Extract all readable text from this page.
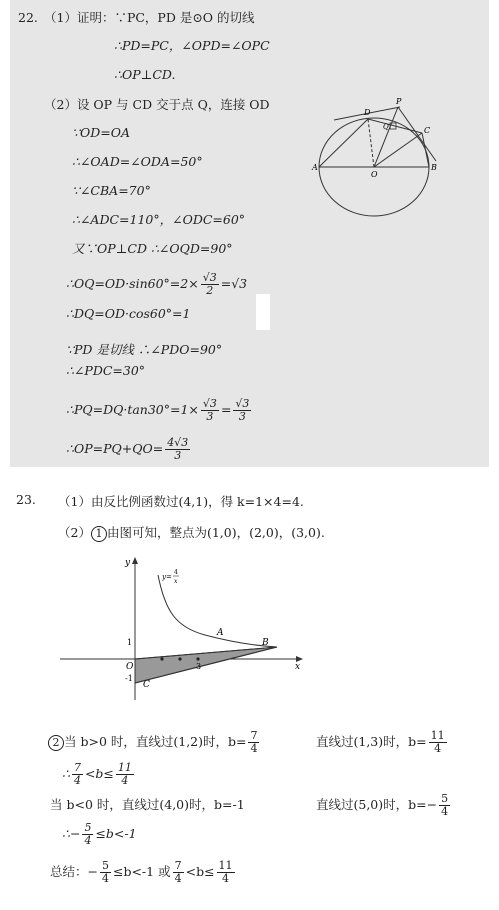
22. （1）证明：∵PC，PD 是⊙O 的切线
∴PD=PC，∠OPD=∠OPC
∴OP⊥CD.
（2）设 OP 与 CD 交于点 Q，连接 OD
∵OD=OA
∴∠OAD=∠ODA=50°
∵∠CBA=70°
∴∠ADC=110°，∠ODC=60°
又∵OP⊥CD ∴∠OQD=90°
∴OQ=OD·sin60°=2× $\frac{√3}{2} =√3$
∴DQ=OD·cos60°=1
∵PD 是切线 ∴∠PDO=90°
∴∠PDC=30°
∴PQ=DQ·tan30°=1× $\frac{√3}{3} = \frac{√3}{3}$
∴OP=PQ+QO= $\frac{4√3}{3}$
D
P
Q	C
A
O
B
23. （1）由反比例函数过(4,1)，得 k=1×4=4.
（2） 1 由图可知，整点为(1,0)，(2,0)，(3,0).
y
x
O
1
-1
3
A
B
C
y=
4
x
2 当 b>0 时，直线过(1,2)时，$b= \frac{7}{4}$	直线过(1,3)时，$b= \frac{11}{4}$
∴ $\frac{7}{4} <b\le \frac{11}{4}$
当 b<0 时，直线过(4,0)时，b=-1	直线过(5,0)时，$b=- \frac{5}{4}$
∴− $\frac{5}{4} \le b<-1$
总结：− $\frac{5}{4} \le b<-1$ 或 $\frac{7}{4} <b\le \frac{11}{4}$
